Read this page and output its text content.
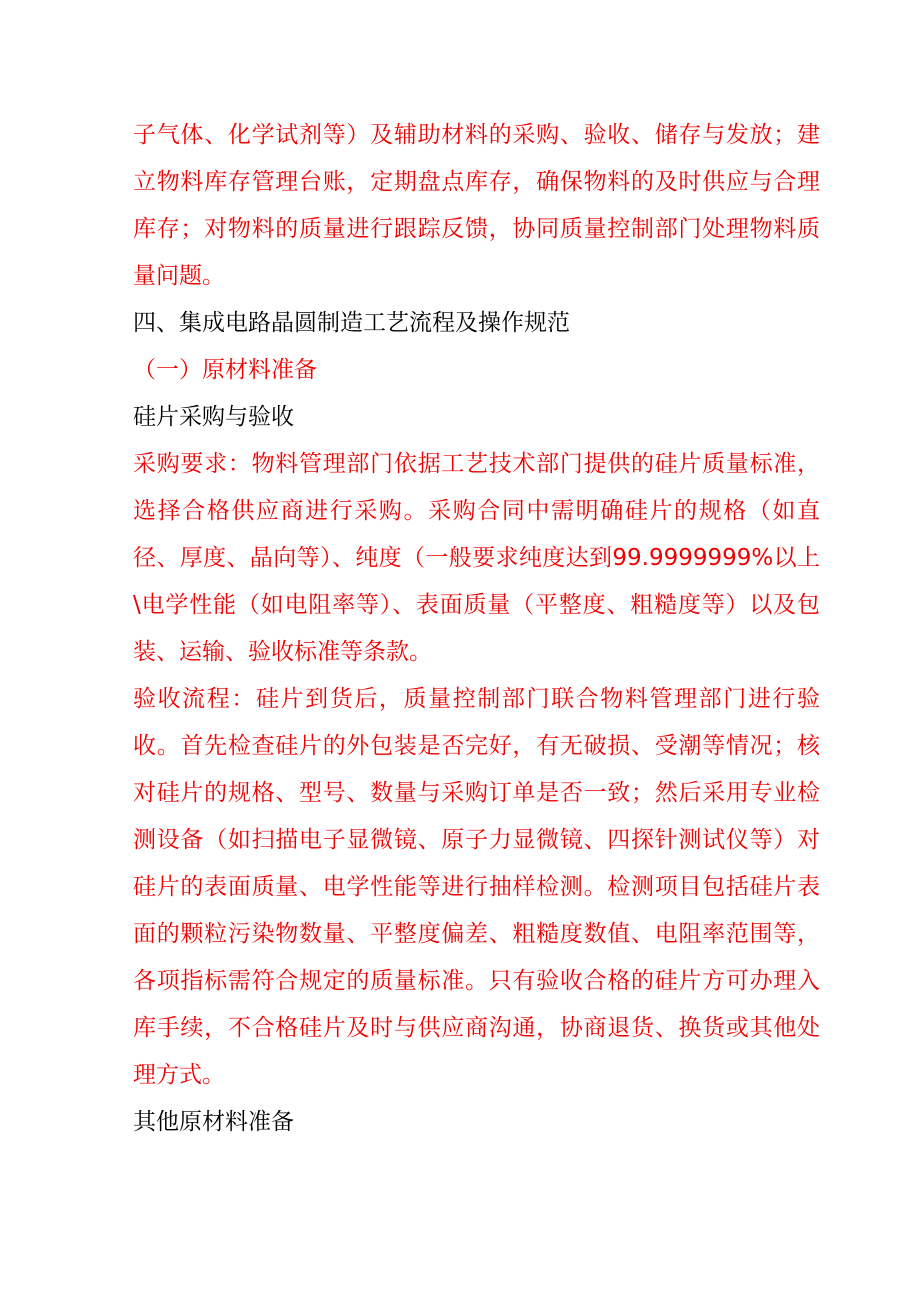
子气体、化学试剂等）及辅助材料的采购、验收、储存与发放；建立物料库存管理台账，定期盘点库存，确保物料的及时供应与合理库存；对物料的质量进行跟踪反馈，协同质量控制部门处理物料质量问题。

四、集成电路晶圆制造工艺流程及操作规范

（一）原材料准备

硅片采购与验收

采购要求：物料管理部门依据工艺技术部门提供的硅片质量标准，选择合格供应商进行采购。采购合同中需明确硅片的规格（如直径、厚度、晶向等）、纯度（一般要求纯度达到99.9999999%以上\电学性能（如电阻率等）、表面质量（平整度、粗糙度等）以及包装、运输、验收标准等条款。

验收流程：硅片到货后，质量控制部门联合物料管理部门进行验收。首先检查硅片的外包装是否完好，有无破损、受潮等情况；核对硅片的规格、型号、数量与采购订单是否一致；然后采用专业检测设备（如扫描电子显微镜、原子力显微镜、四探针测试仪等）对硅片的表面质量、电学性能等进行抽样检测。检测项目包括硅片表面的颗粒污染物数量、平整度偏差、粗糙度数值、电阻率范围等，各项指标需符合规定的质量标准。只有验收合格的硅片方可办理入库手续，不合格硅片及时与供应商沟通，协商退货、换货或其他处理方式。

其他原材料准备
